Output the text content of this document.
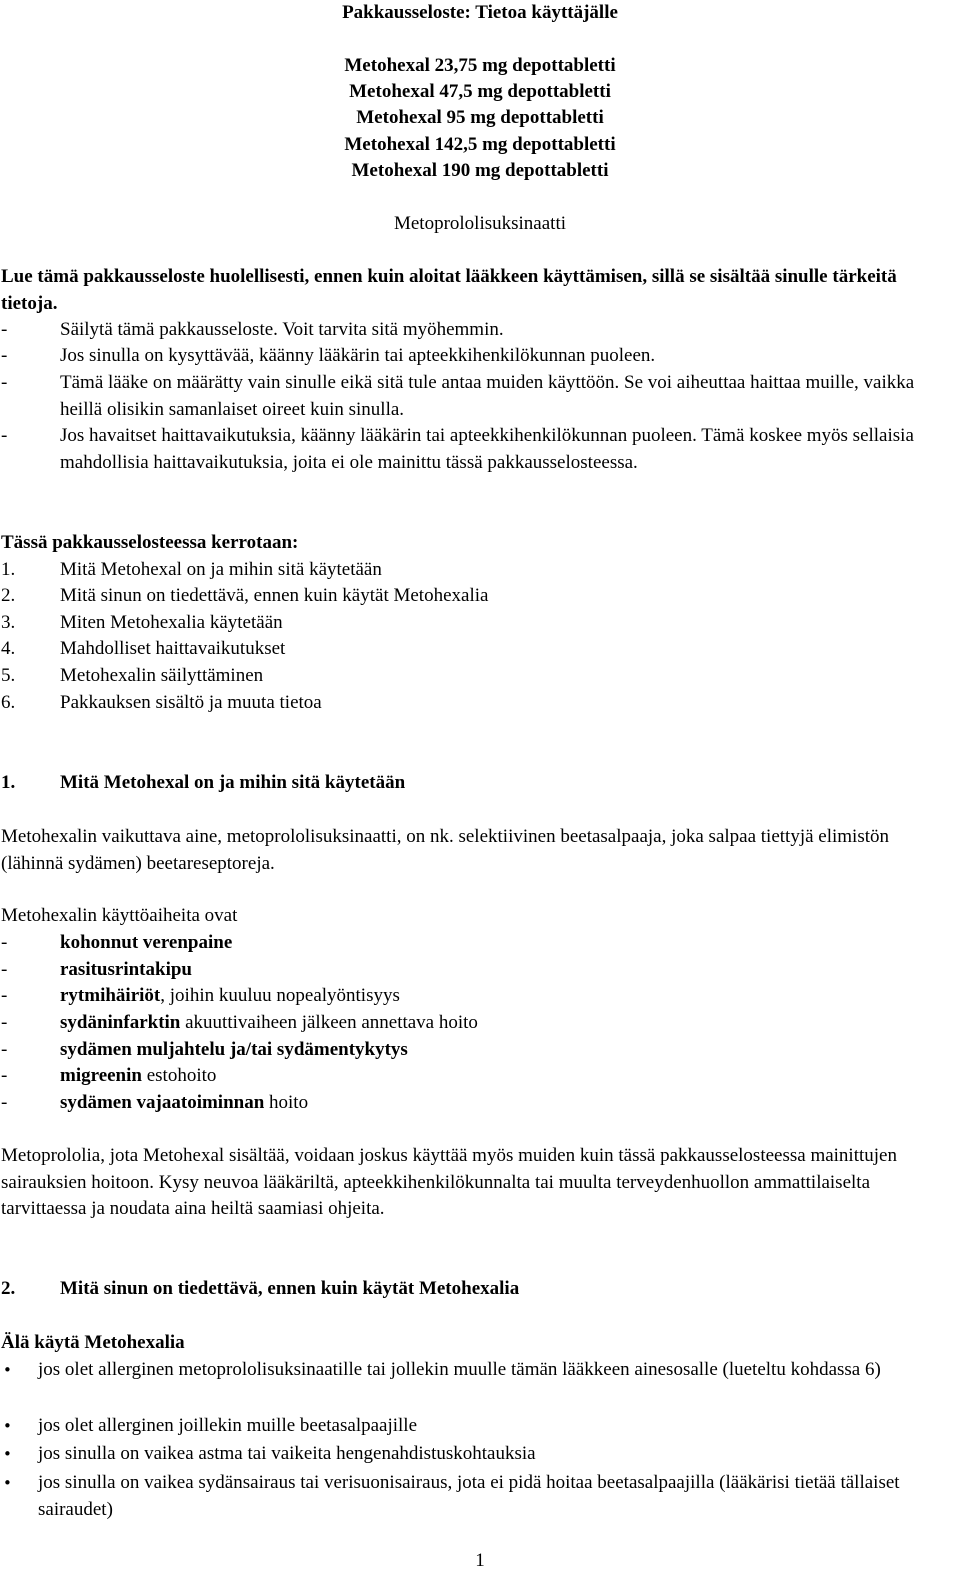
Pakkausseloste: Tietoa käyttäjälle
Metohexal 23,75 mg depottabletti
Metohexal 47,5 mg depottabletti
Metohexal 95 mg depottabletti
Metohexal 142,5 mg depottabletti
Metohexal 190 mg depottabletti
Metoprololisuksinaatti
Lue tämä pakkausseloste huolellisesti, ennen kuin aloitat lääkkeen käyttämisen, sillä se sisältää sinulle tärkeitä tietoja.
-	Säilytä tämä pakkausseloste. Voit tarvita sitä myöhemmin.
-	Jos sinulla on kysyttävää, käänny lääkärin tai apteekkihenkilökunnan puoleen.
-	Tämä lääke on määrätty vain sinulle eikä sitä tule antaa muiden käyttöön. Se voi aiheuttaa haittaa muille, vaikka heillä olisikin samanlaiset oireet kuin sinulla.
-	Jos havaitset haittavaikutuksia, käänny lääkärin tai apteekkihenkilökunnan puoleen. Tämä koskee myös sellaisia mahdollisia haittavaikutuksia, joita ei ole mainittu tässä pakkausselosteessa.
Tässä pakkausselosteessa kerrotaan:
1. Mitä Metohexal on ja mihin sitä käytetään
2. Mitä sinun on tiedettävä, ennen kuin käytät Metohexalia
3. Miten Metohexalia käytetään
4. Mahdolliset haittavaikutukset
5. Metohexalin säilyttäminen
6. Pakkauksen sisältö ja muuta tietoa
1. Mitä Metohexal on ja mihin sitä käytetään
Metohexalin vaikuttava aine, metoprololisuksinaatti, on nk. selektiivinen beetasalpaaja, joka salpaa tiettyjä elimistön (lähinnä sydämen) beetareseptoreja.
Metohexalin käyttöaiheita ovat
-	kohonnut verenpaine
-	rasitusrintakipu
-	rytmihäiriöt, joihin kuuluu nopealyöntisyys
-	sydäninfarktin akuuttivaiheen jälkeen annettava hoito
-	sydämen muljahtelu ja/tai sydämentykytys
-	migreenin estohoito
-	sydämen vajaatoiminnan hoito
Metoprololia, jota Metohexal sisältää, voidaan joskus käyttää myös muiden kuin tässä pakkausselosteessa mainittujen sairauksien hoitoon. Kysy neuvoa lääkäriltä, apteekkihenkilökunnalta tai muulta terveydenhuollon ammattilaiselta tarvittaessa ja noudata aina heiltä saamiasi ohjeita.
2. Mitä sinun on tiedettävä, ennen kuin käytät Metohexalia
Älä käytä Metohexalia
• jos olet allerginen metoprololisuksinaatille tai jollekin muulle tämän lääkkeen ainesosalle (lueteltu kohdassa 6)
• jos olet allerginen joillekin muille beetasalpaajille
• jos sinulla on vaikea astma tai vaikeita hengenahdistuskohtauksia
• jos sinulla on vaikea sydänsairaus tai verisuonisairaus, jota ei pidä hoitaa beetasalpaajilla (lääkärisi tietää tällaiset sairaudet)
1
